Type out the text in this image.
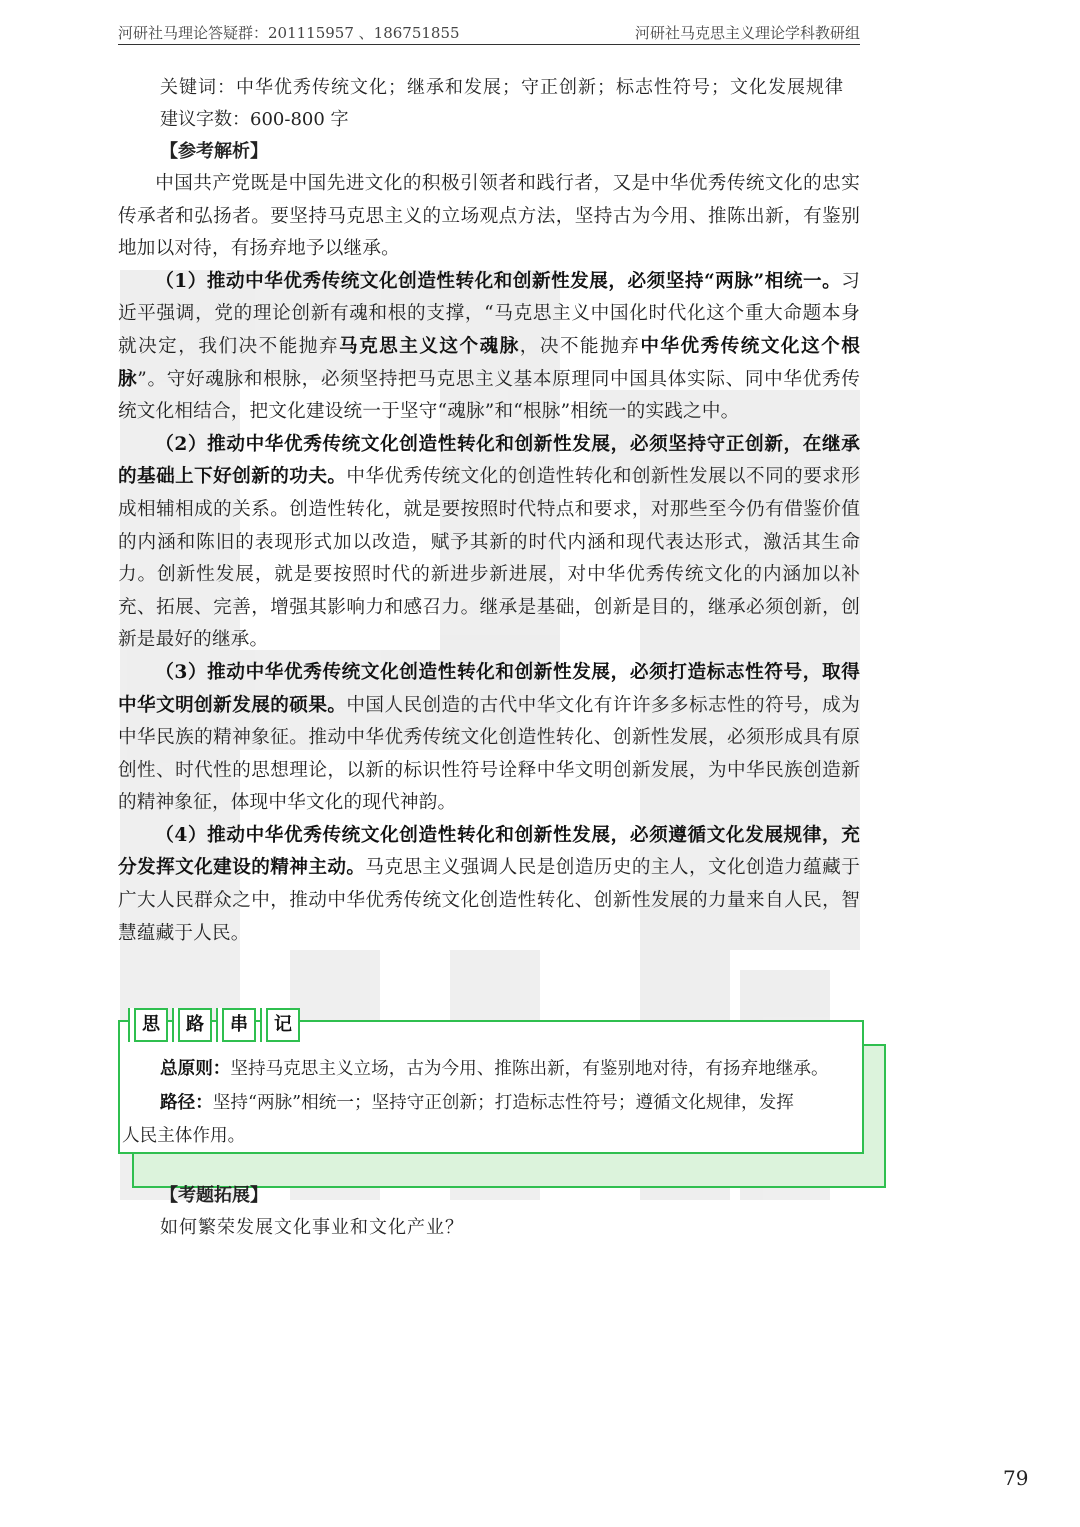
河研社马理论答疑群：201115957 、186751855	河研社马克思主义理论学科教研组
关键词：中华优秀传统文化；继承和发展；守正创新；标志性符号；文化发展规律
建议字数：600-800 字
【参考解析】

中国共产党既是中国先进文化的积极引领者和践行者，又是中华优秀传统文化的忠实传承者和弘扬者。要坚持马克思主义的立场观点方法，坚持古为今用、推陈出新，有鉴别地加以对待，有扬弃地予以继承。

（1）推动中华优秀传统文化创造性转化和创新性发展，必须坚持“两脉”相统一。习近平强调，党的理论创新有魂和根的支撑，“马克思主义中国化时代化这个重大命题本身就决定，我们决不能抛弃马克思主义这个魂脉，决不能抛弃中华优秀传统文化这个根脉”。守好魂脉和根脉，必须坚持把马克思主义基本原理同中国具体实际、同中华优秀传统文化相结合，把文化建设统一于坚守“魂脉”和“根脉”相统一的实践之中。

（2）推动中华优秀传统文化创造性转化和创新性发展，必须坚持守正创新，在继承的基础上下好创新的功夫。中华优秀传统文化的创造性转化和创新性发展以不同的要求形成相辅相成的关系。创造性转化，就是要按照时代特点和要求，对那些至今仍有借鉴价值的内涵和陈旧的表现形式加以改造，赋予其新的时代内涵和现代表达形式，激活其生命力。创新性发展，就是要按照时代的新进步新进展，对中华优秀传统文化的内涵加以补充、拓展、完善，增强其影响力和感召力。继承是基础，创新是目的，继承必须创新，创新是最好的继承。

（3）推动中华优秀传统文化创造性转化和创新性发展，必须打造标志性符号，取得中华文明创新发展的硕果。中国人民创造的古代中华文化有许许多多标志性的符号，成为中华民族的精神象征。推动中华优秀传统文化创造性转化、创新性发展，必须形成具有原创性、时代性的思想理论，以新的标识性符号诠释中华文明创新发展，为中华民族创造新的精神象征，体现中华文化的现代神韵。

（4）推动中华优秀传统文化创造性转化和创新性发展，必须遵循文化发展规律，充分发挥文化建设的精神主动。马克思主义强调人民是创造历史的主人，文化创造力蕴藏于广大人民群众之中，推动中华优秀传统文化创造性转化、创新性发展的力量来自人民，智慧蕴藏于人民。

思	路	串	记
总原则：坚持马克思主义立场，古为今用、推陈出新，有鉴别地对待，有扬弃地继承。
路径：坚持“两脉”相统一；坚持守正创新；打造标志性符号；遵循文化规律，发挥
人民主体作用。
【考题拓展】
如何繁荣发展文化事业和文化产业？
79
